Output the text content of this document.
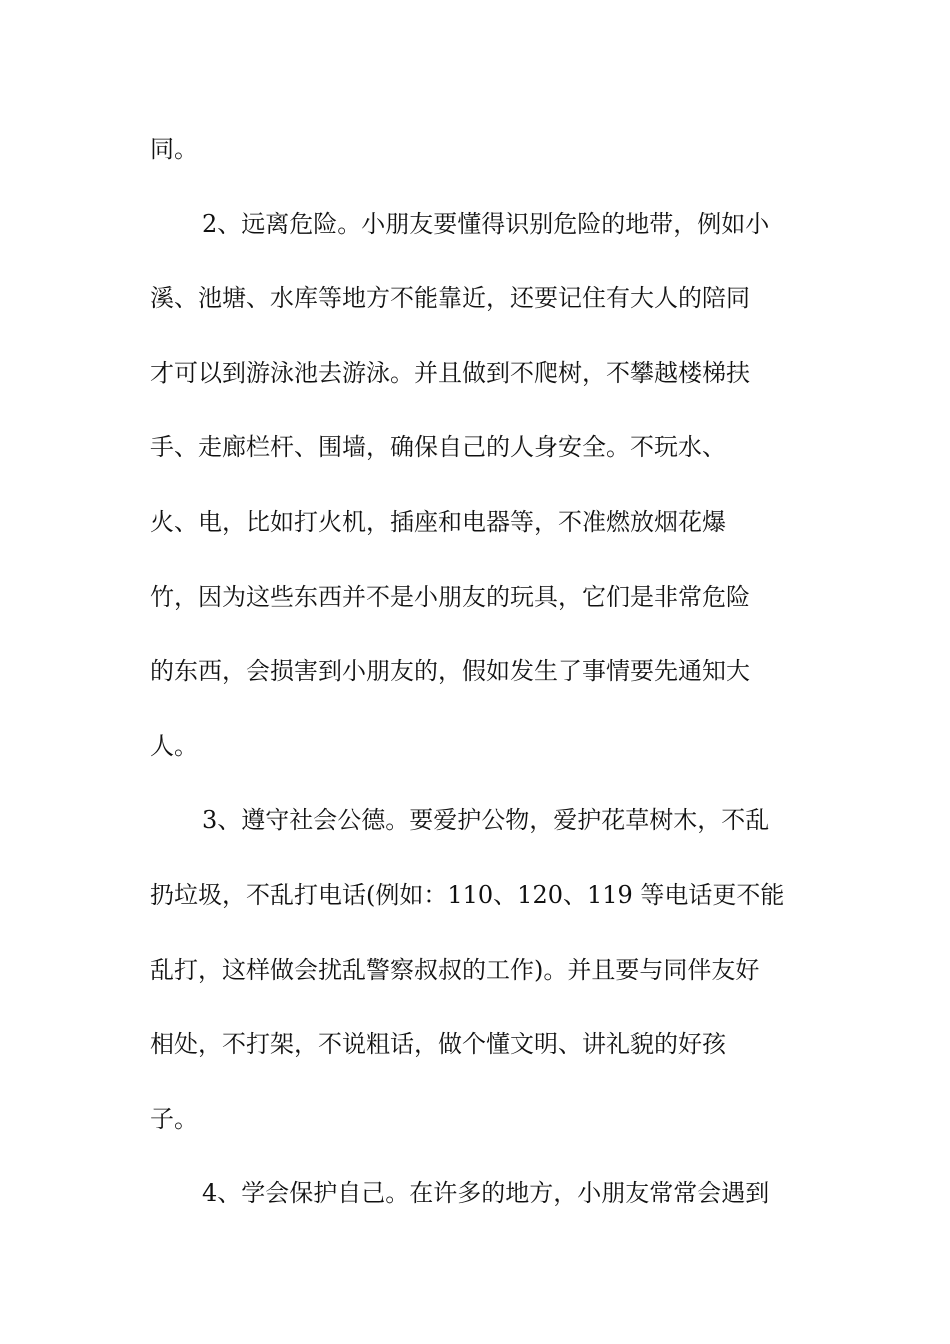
同。
2、远离危险。小朋友要懂得识别危险的地带，例如小
溪、池塘、水库等地方不能靠近，还要记住有大人的陪同
才可以到游泳池去游泳。并且做到不爬树，不攀越楼梯扶
手、走廊栏杆、围墙，确保自己的人身安全。不玩水、
火、电，比如打火机，插座和电器等，不准燃放烟花爆
竹，因为这些东西并不是小朋友的玩具，它们是非常危险
的东西，会损害到小朋友的，假如发生了事情要先通知大
人。
3、遵守社会公德。要爱护公物，爱护花草树木，不乱
扔垃圾，不乱打电话(例如：110、120、119 等电话更不能
乱打，这样做会扰乱警察叔叔的工作)。并且要与同伴友好
相处，不打架，不说粗话，做个懂文明、讲礼貌的好孩
子。
4、学会保护自己。在许多的地方，小朋友常常会遇到
